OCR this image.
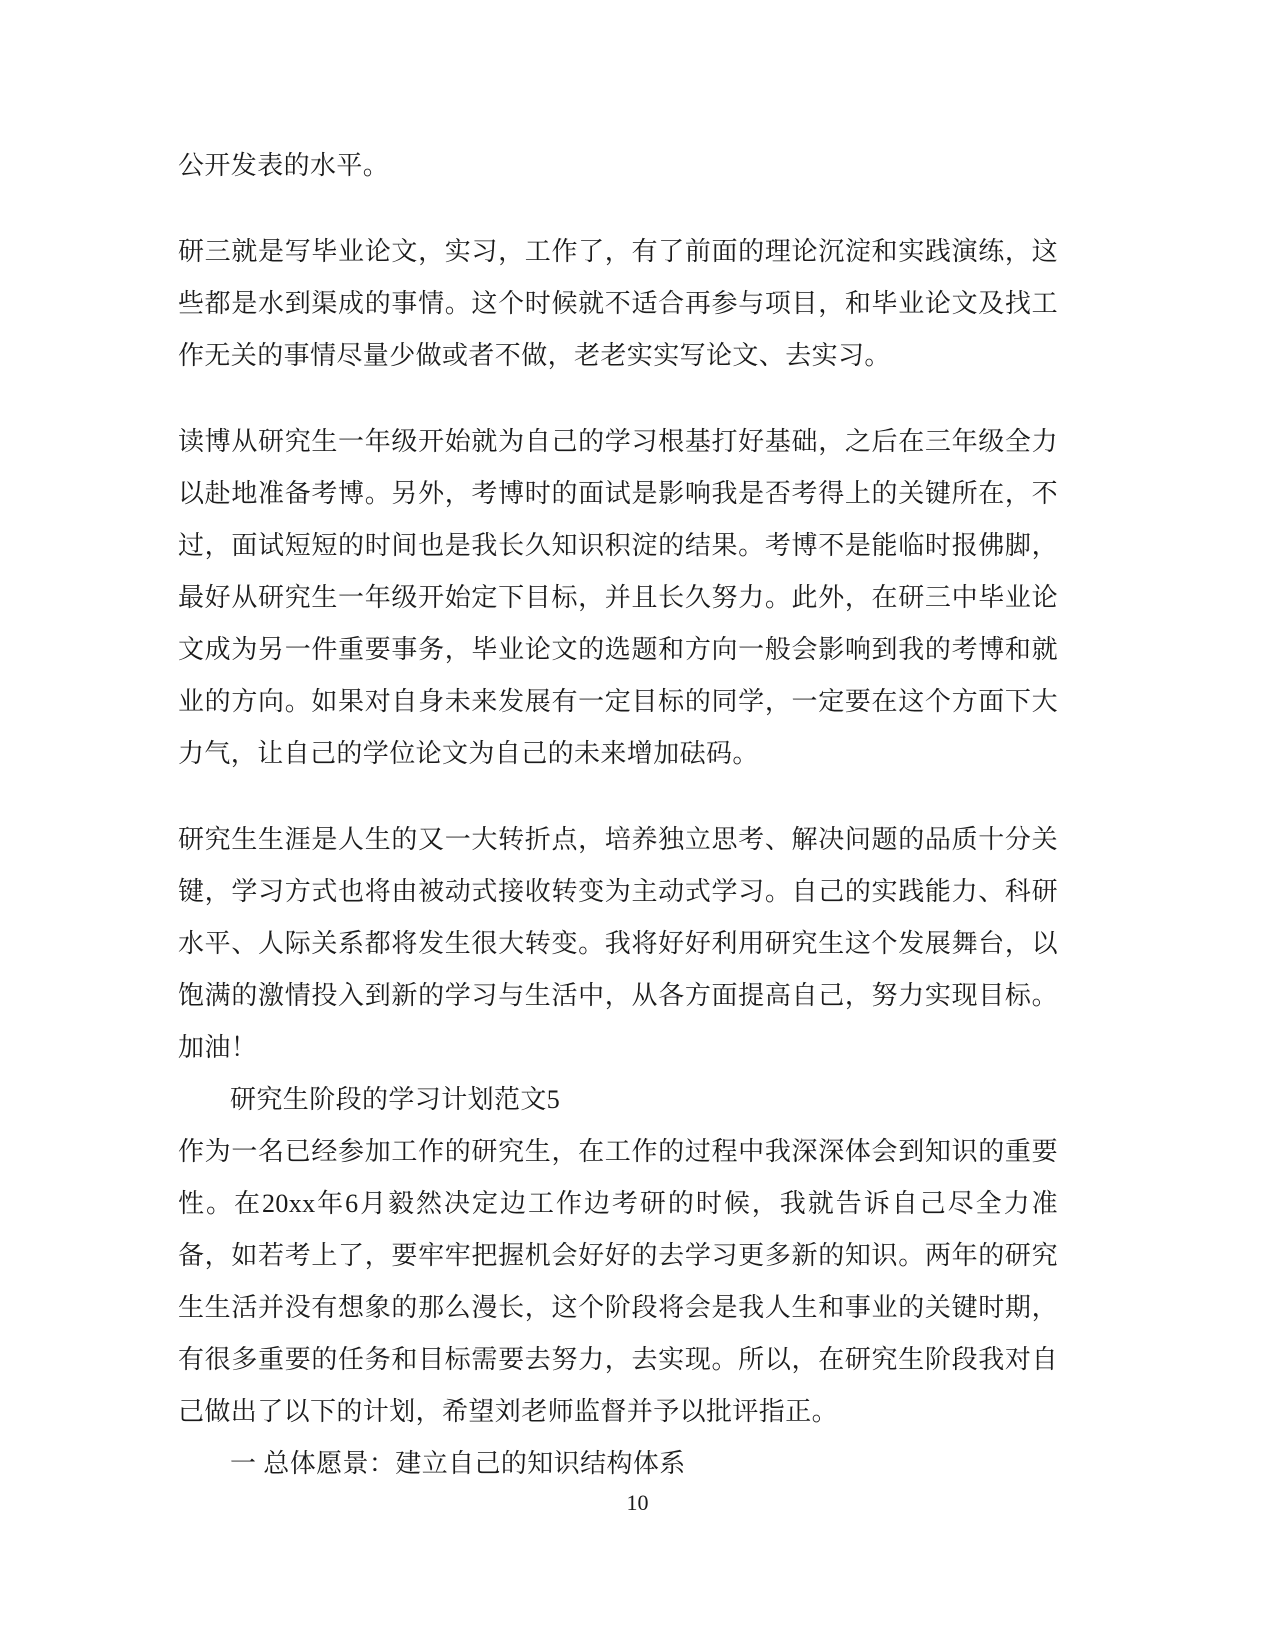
公开发表的水平。

研三就是写毕业论文，实习，工作了，有了前面的理论沉淀和实践演练，这些都是水到渠成的事情。这个时候就不适合再参与项目，和毕业论文及找工作无关的事情尽量少做或者不做，老老实实写论文、去实习。

读博从研究生一年级开始就为自己的学习根基打好基础，之后在三年级全力以赴地准备考博。另外，考博时的面试是影响我是否考得上的关键所在，不过，面试短短的时间也是我长久知识积淀的结果。考博不是能临时报佛脚，最好从研究生一年级开始定下目标，并且长久努力。此外，在研三中毕业论文成为另一件重要事务，毕业论文的选题和方向一般会影响到我的考博和就业的方向。如果对自身未来发展有一定目标的同学，一定要在这个方面下大力气，让自己的学位论文为自己的未来增加砝码。

研究生生涯是人生的又一大转折点，培养独立思考、解决问题的品质十分关键，学习方式也将由被动式接收转变为主动式学习。自己的实践能力、科研水平、人际关系都将发生很大转变。我将好好利用研究生这个发展舞台，以饱满的激情投入到新的学习与生活中，从各方面提高自己，努力实现目标。加油！

研究生阶段的学习计划范文5

作为一名已经参加工作的研究生，在工作的过程中我深深体会到知识的重要性。在20xx年6月毅然决定边工作边考研的时候，我就告诉自己尽全力准备，如若考上了，要牢牢把握机会好好的去学习更多新的知识。两年的研究生生活并没有想象的那么漫长，这个阶段将会是我人生和事业的关键时期，有很多重要的任务和目标需要去努力，去实现。所以，在研究生阶段我对自己做出了以下的计划，希望刘老师监督并予以批评指正。

一 总体愿景：建立自己的知识结构体系

10
